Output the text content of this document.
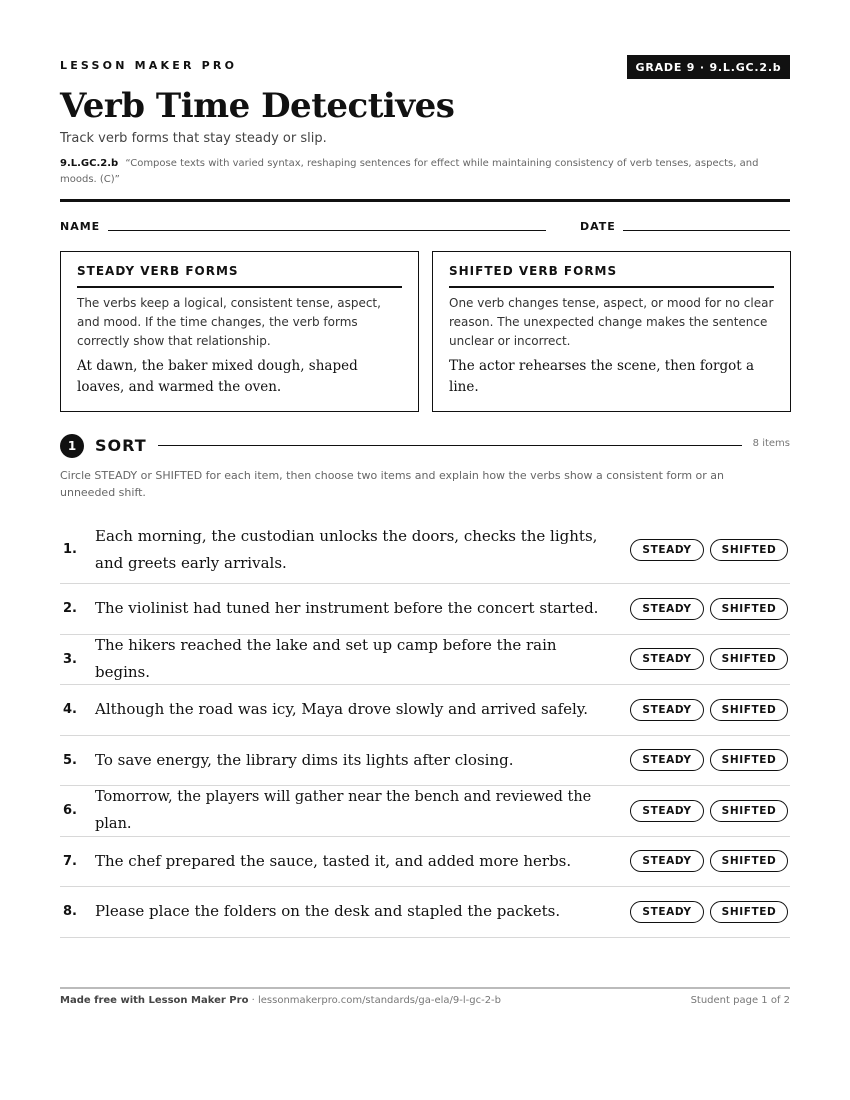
LESSON MAKER PRO	GRADE 9 · 9.L.GC.2.b
Verb Time Detectives
Track verb forms that stay steady or slip.
9.L.GC.2.b “Compose texts with varied syntax, reshaping sentences for effect while maintaining consistency of verb tenses, aspects, and moods. (C)”
NAME	DATE
STEADY VERB FORMS
The verbs keep a logical, consistent tense, aspect, and mood. If the time changes, the verb forms correctly show that relationship.
At dawn, the baker mixed dough, shaped loaves, and warmed the oven.
SHIFTED VERB FORMS
One verb changes tense, aspect, or mood for no clear reason. The unexpected change makes the sentence unclear or incorrect.
The actor rehearses the scene, then forgot a line.
1	SORT	8 items
Circle STEADY or SHIFTED for each item, then choose two items and explain how the verbs show a consistent form or an unneeded shift.
1.
Each morning, the custodian unlocks the doors, checks the lights, and greets early arrivals.
STEADY	SHIFTED
2. The violinist had tuned her instrument before the concert started.	STEADY	SHIFTED
3.
The hikers reached the lake and set up camp before the rain begins.
STEADY	SHIFTED
4. Although the road was icy, Maya drove slowly and arrived safely.	STEADY	SHIFTED
5. To save energy, the library dims its lights after closing.	STEADY	SHIFTED
6.
Tomorrow, the players will gather near the bench and reviewed the plan.
STEADY	SHIFTED
7. The chef prepared the sauce, tasted it, and added more herbs.	STEADY	SHIFTED
8. Please place the folders on the desk and stapled the packets.	STEADY	SHIFTED
Made free with Lesson Maker Pro · lessonmakerpro.com/standards/ga-ela/9-l-gc-2-b	Student page 1 of 2
